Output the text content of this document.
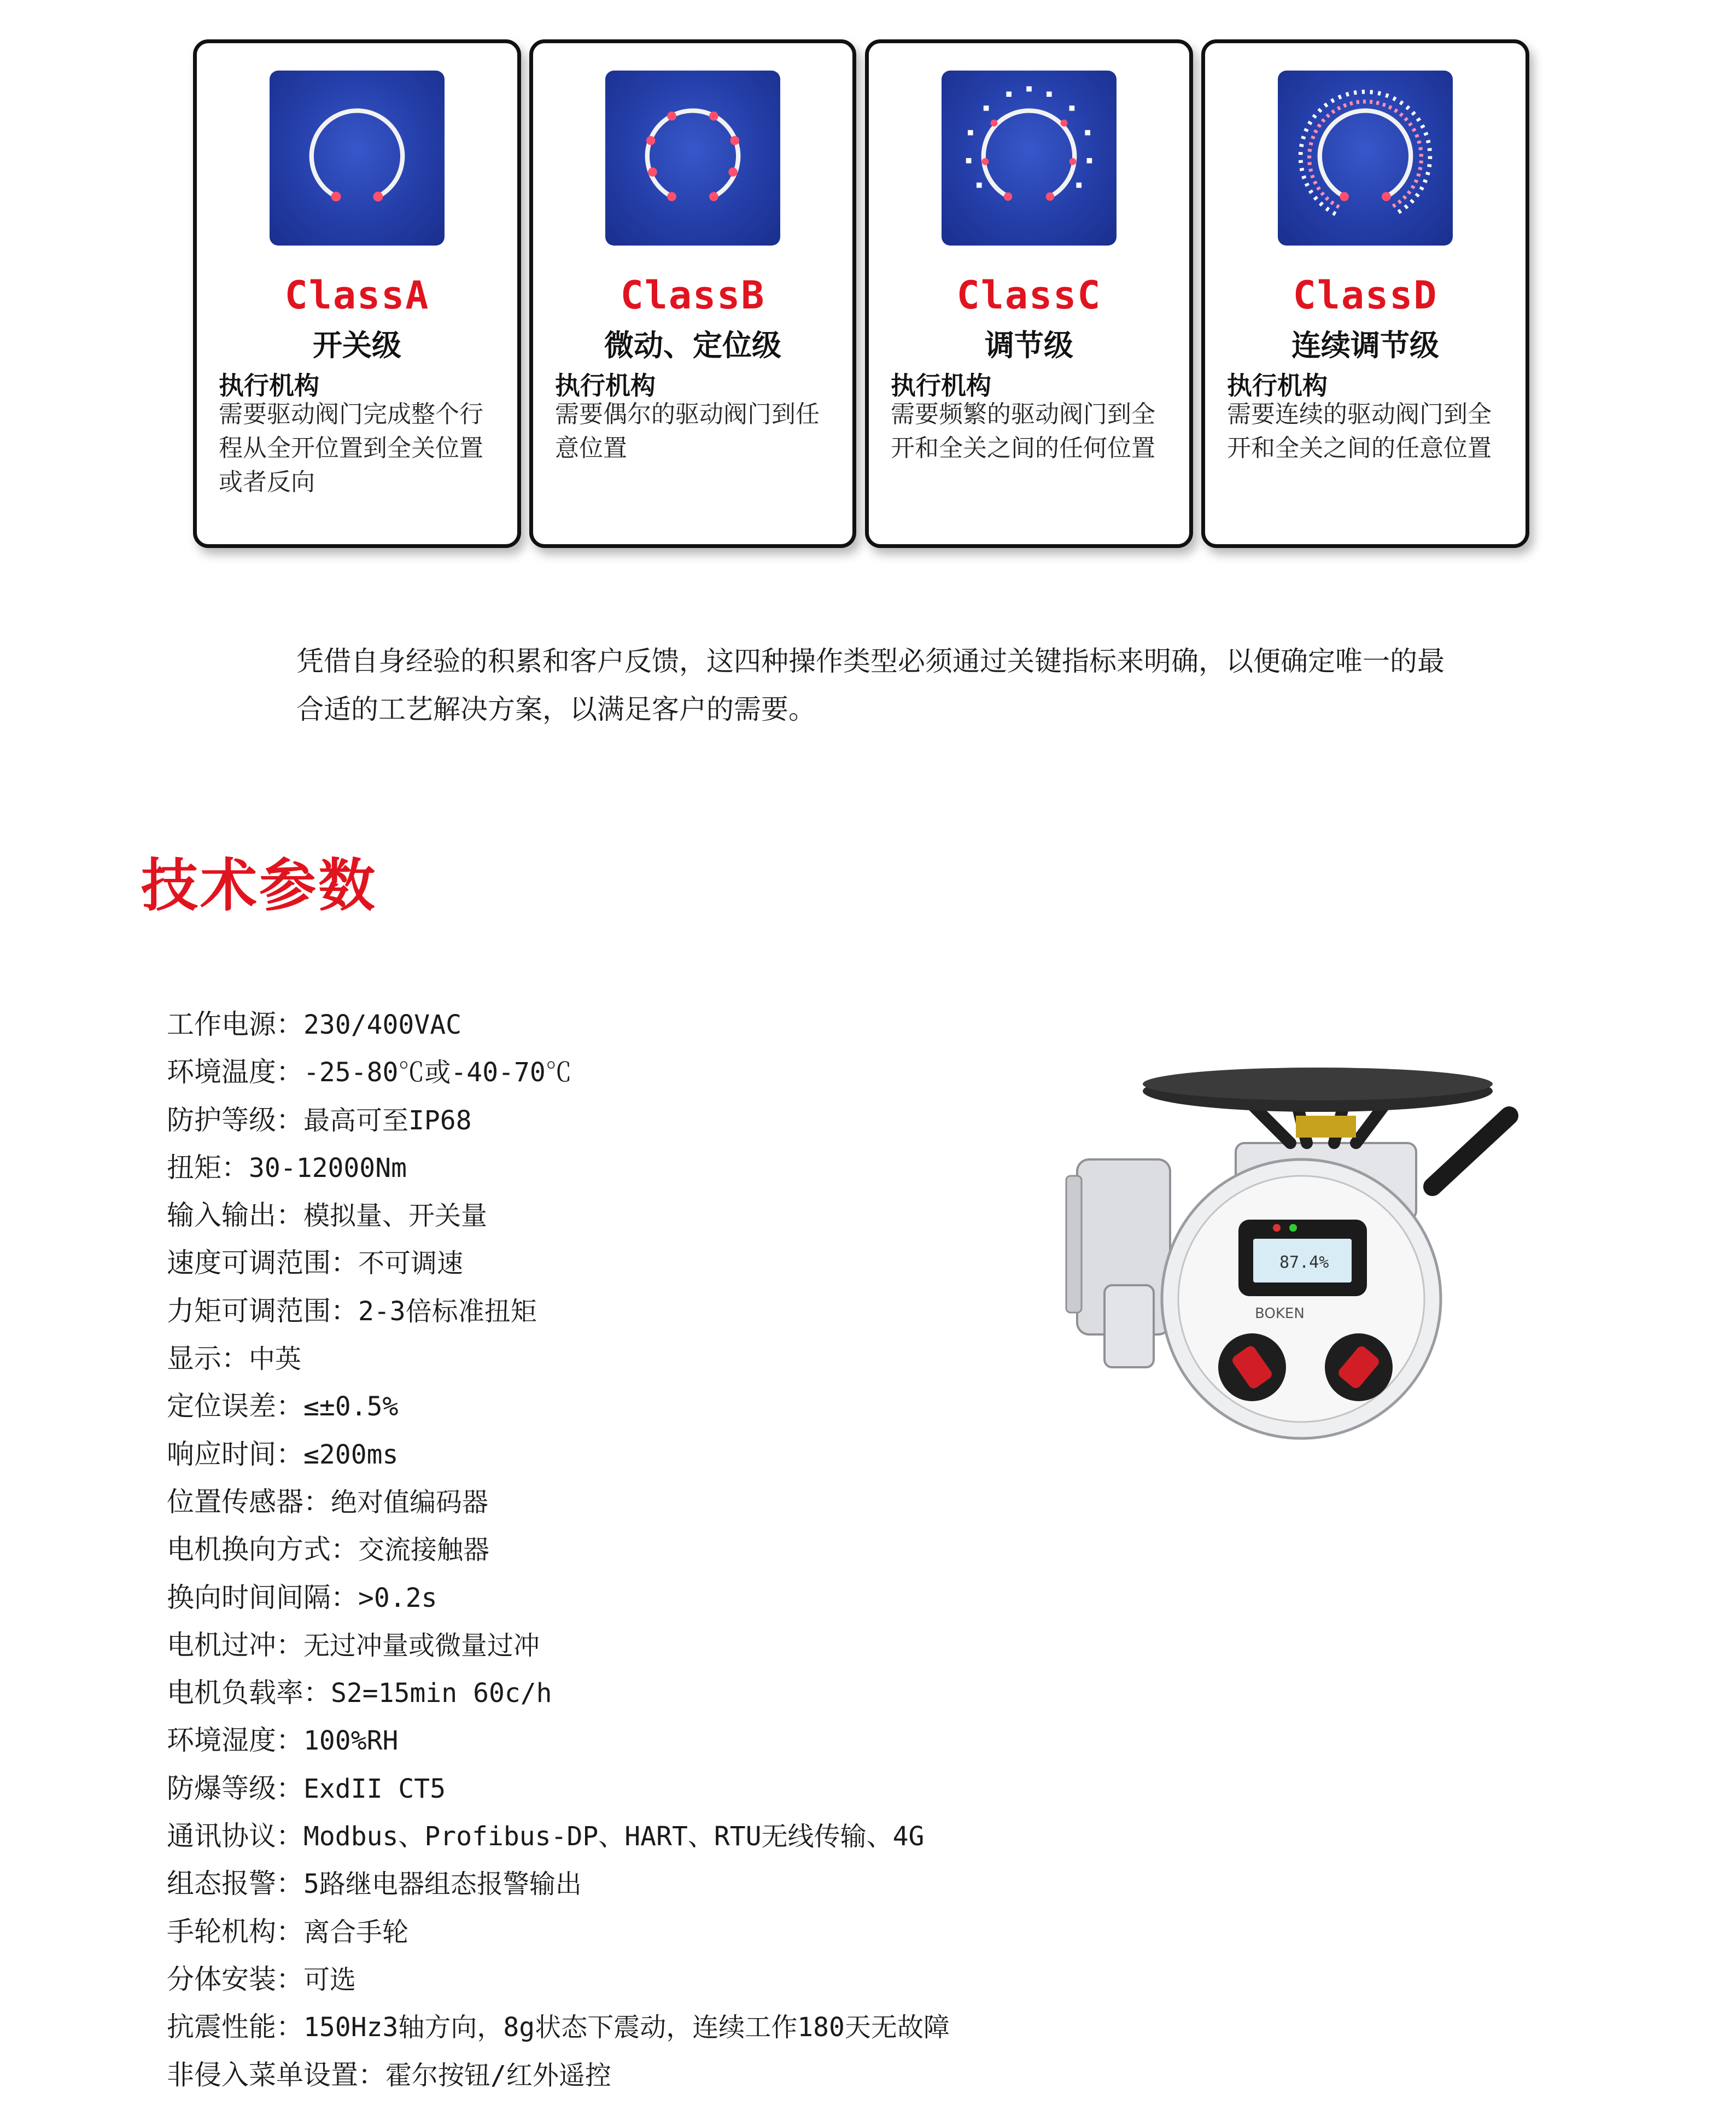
ClassA
开关级
执行机构
需要驱动阀门完成整个行程从全开位置到全关位置或者反向
ClassB
微动、定位级
执行机构
需要偶尔的驱动阀门到任意位置
ClassC
调节级
执行机构
需要频繁的驱动阀门到全开和全关之间的任何位置
ClassD
连续调节级
执行机构
需要连续的驱动阀门到全开和全关之间的任意位置
凭借自身经验的积累和客户反馈，这四种操作类型必须通过关键指标来明确，以便确定唯一的最合适的工艺解决方案，以满足客户的需要。
技术参数
工作电源：230/400VAC
环境温度：-25-80℃或-40-70℃
防护等级：最高可至IP68
扭矩：30-12000Nm
输入输出：模拟量、开关量
速度可调范围：不可调速
力矩可调范围：2-3倍标准扭矩
显示：中英
定位误差：≤±0.5%
响应时间：≤200ms
位置传感器：绝对值编码器
电机换向方式：交流接触器
换向时间间隔：>0.2s
电机过冲：无过冲量或微量过冲
电机负载率：S2=15min 60c/h
环境湿度：100%RH
防爆等级：ExdII CT5
通讯协议：Modbus、Profibus-DP、HART、RTU无线传输、4G
组态报警：5路继电器组态报警输出
手轮机构：离合手轮
分体安装：可选
抗震性能：150Hz3轴方向，8g状态下震动，连续工作180天无故障
非侵入菜单设置：霍尔按钮/红外遥控
87.4%
BOKEN
